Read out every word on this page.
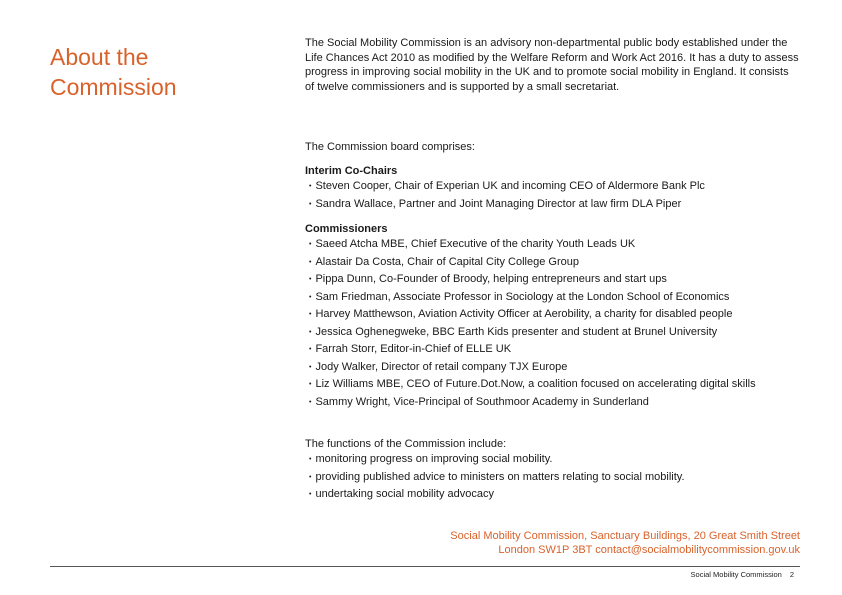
About the Commission
The Social Mobility Commission is an advisory non-departmental public body established under the Life Chances Act 2010 as modified by the Welfare Reform and Work Act 2016. It has a duty to assess progress in improving social mobility in the UK and to promote social mobility in England. It consists of twelve commissioners and is supported by a small secretariat.
The Commission board comprises:
Interim Co-Chairs
• Steven Cooper, Chair of Experian UK and incoming CEO of Aldermore Bank Plc
• Sandra Wallace, Partner and Joint Managing Director at law firm DLA Piper
Commissioners
• Saeed Atcha MBE, Chief Executive of the charity Youth Leads UK
• Alastair Da Costa, Chair of Capital City College Group
• Pippa Dunn, Co-Founder of Broody, helping entrepreneurs and start ups
• Sam Friedman, Associate Professor in Sociology at the London School of Economics
• Harvey Matthewson, Aviation Activity Officer at Aerobility, a charity for disabled people
• Jessica Oghenegweke, BBC Earth Kids presenter and student at Brunel University
• Farrah Storr, Editor-in-Chief of ELLE UK
• Jody Walker, Director of retail company TJX Europe
• Liz Williams MBE, CEO of Future.Dot.Now, a coalition focused on accelerating digital skills
• Sammy Wright, Vice-Principal of Southmoor Academy in Sunderland
The functions of the Commission include:
• monitoring progress on improving social mobility.
• providing published advice to ministers on matters relating to social mobility.
• undertaking social mobility advocacy
Social Mobility Commission, Sanctuary Buildings, 20 Great Smith Street
London SW1P 3BT contact@socialmobilitycommission.gov.uk
Social Mobility Commission 2
